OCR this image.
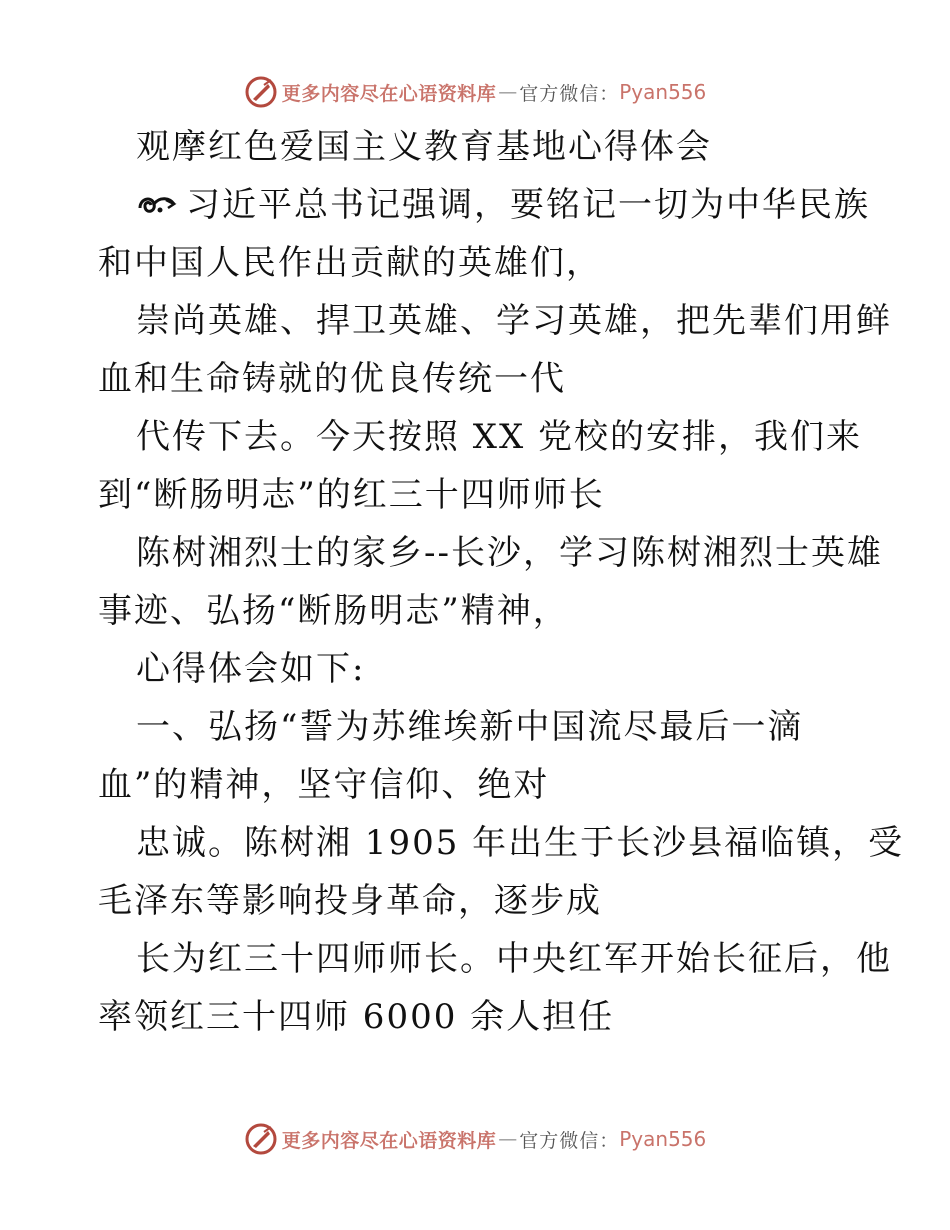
更多内容尽在心语资料库 — 官方微信： Pyan556
观摩红色爱国主义教育基地心得体会
习近平总书记强调，要铭记一切为中华民族
和中国人民作出贡献的英雄们，
崇尚英雄、捍卫英雄、学习英雄，把先辈们用鲜
血和生命铸就的优良传统一代
代传下去。今天按照 XX 党校的安排，我们来
到“断肠明志”的红三十四师师长
陈树湘烈士的家乡--长沙，学习陈树湘烈士英雄
事迹、弘扬“断肠明志”精神，
心得体会如下:
一、弘扬“誓为苏维埃新中国流尽最后一滴
血”的精神，坚守信仰、绝对
忠诚。陈树湘 1905 年出生于长沙县福临镇，受
毛泽东等影响投身革命，逐步成
长为红三十四师师长。中央红军开始长征后，他
率领红三十四师 6000 余人担任
更多内容尽在心语资料库 — 官方微信： Pyan556
